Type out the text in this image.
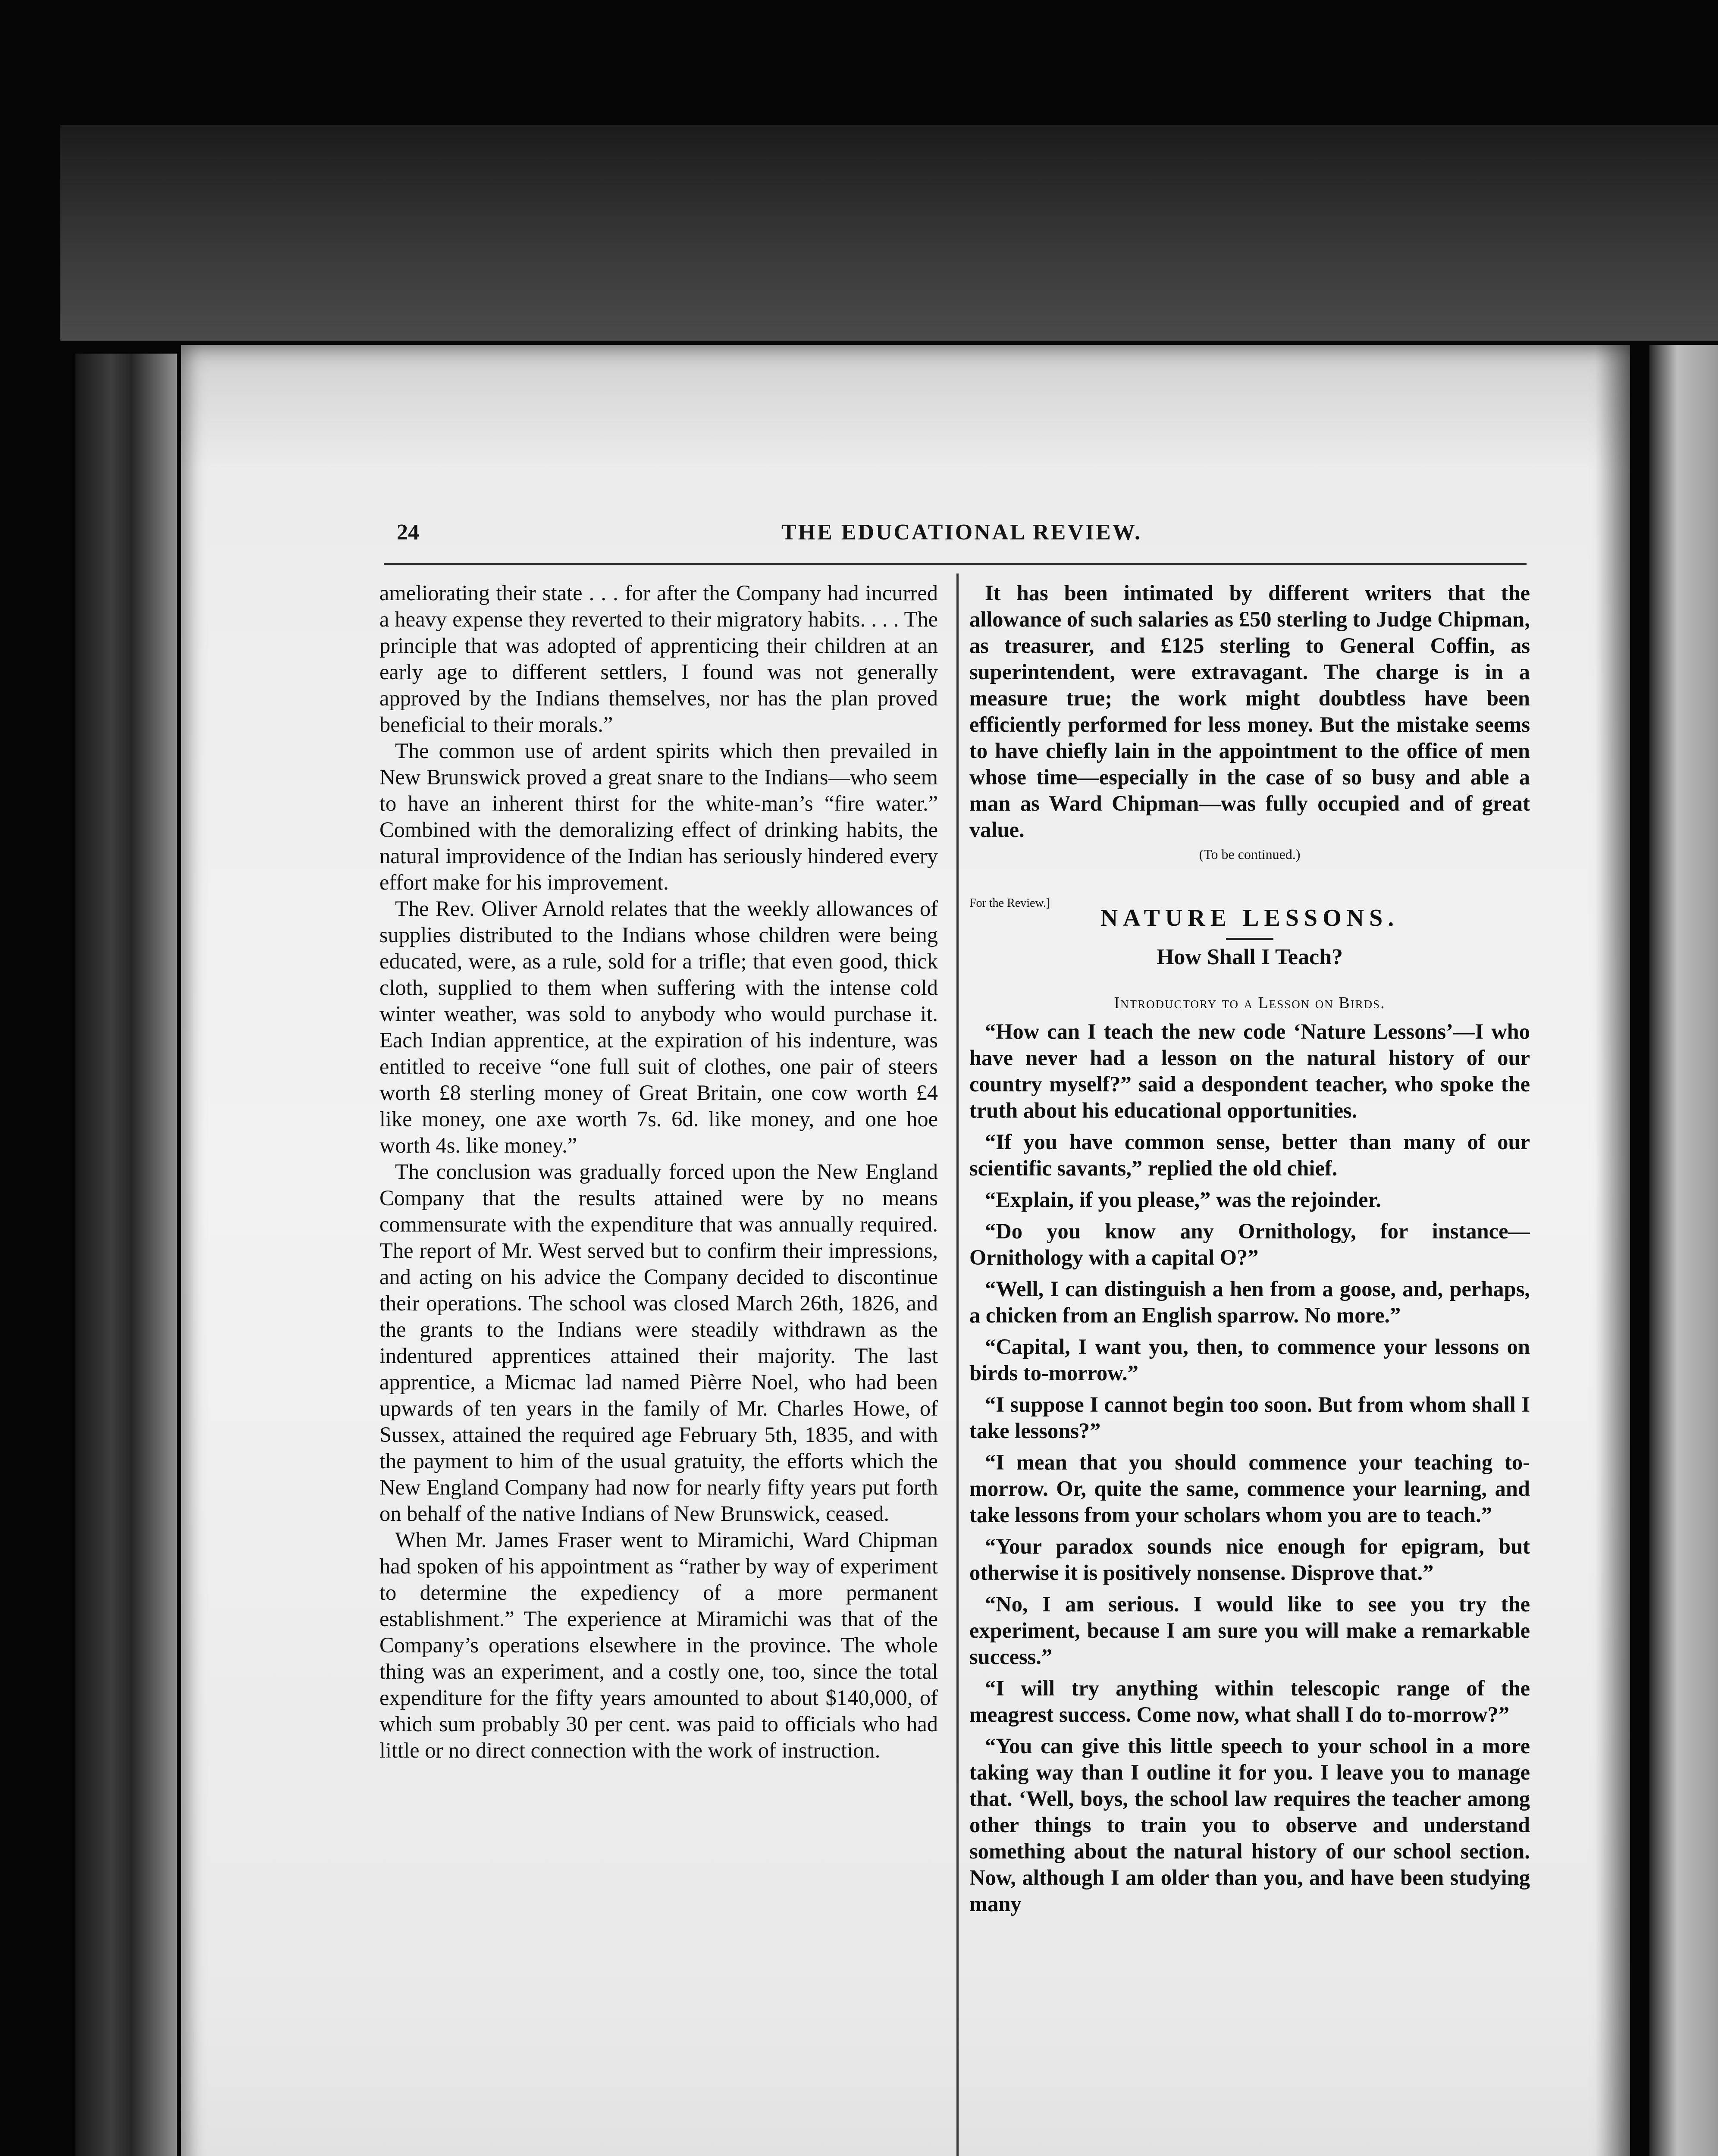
24	THE EDUCATIONAL REVIEW.

ameliorating their state . . . for after the Company had incurred a heavy expense they reverted to their migratory habits. . . . The principle that was adopted of apprenticing their children at an early age to different settlers, I found was not generally approved by the Indians themselves, nor has the plan proved beneficial to their morals.”

The common use of ardent spirits which then prevailed in New Brunswick proved a great snare to the Indians—who seem to have an inherent thirst for the white-man’s “fire water.” Combined with the demoralizing effect of drinking habits, the natural improvidence of the Indian has seriously hindered every effort make for his improvement.

The Rev. Oliver Arnold relates that the weekly allowances of supplies distributed to the Indians whose children were being educated, were, as a rule, sold for a trifle; that even good, thick cloth, supplied to them when suffering with the intense cold winter weather, was sold to anybody who would purchase it. Each Indian apprentice, at the expiration of his indenture, was entitled to receive “one full suit of clothes, one pair of steers worth £8 sterling money of Great Britain, one cow worth £4 like money, one axe worth 7s. 6d. like money, and one hoe worth 4s. like money.”

The conclusion was gradually forced upon the New England Company that the results attained were by no means commensurate with the expenditure that was annually required. The report of Mr. West served but to confirm their impressions, and acting on his advice the Company decided to discontinue their operations. The school was closed March 26th, 1826, and the grants to the Indians were steadily withdrawn as the indentured apprentices attained their majority. The last apprentice, a Micmac lad named Pièrre Noel, who had been upwards of ten years in the family of Mr. Charles Howe, of Sussex, attained the required age February 5th, 1835, and with the payment to him of the usual gratuity, the efforts which the New England Company had now for nearly fifty years put forth on behalf of the native Indians of New Brunswick, ceased.

When Mr. James Fraser went to Miramichi, Ward Chipman had spoken of his appointment as “rather by way of experiment to determine the expediency of a more permanent establishment.” The experience at Miramichi was that of the Company’s operations elsewhere in the province. The whole thing was an experiment, and a costly one, too, since the total expenditure for the fifty years amounted to about $140,000, of which sum probably 30 per cent. was paid to officials who had little or no direct connection with the work of instruction.

It has been intimated by different writers that the allowance of such salaries as £50 sterling to Judge Chipman, as treasurer, and £125 sterling to General Coffin, as superintendent, were extravagant. The charge is in a measure true; the work might doubtless have been efficiently performed for less money. But the mistake seems to have chiefly lain in the appointment to the office of men whose time—especially in the case of so busy and able a man as Ward Chipman—was fully occupied and of great value.

(To be continued.)

For the Review.]

NATURE LESSONS.
How Shall I Teach?

Introductory to a Lesson on Birds.

“How can I teach the new code ‘Nature Lessons’—I who have never had a lesson on the natural history of our country myself?” said a despondent teacher, who spoke the truth about his educational opportunities.

“If you have common sense, better than many of our scientific savants,” replied the old chief.

“Explain, if you please,” was the rejoinder.

“Do you know any Ornithology, for instance—Ornithology with a capital O?”

“Well, I can distinguish a hen from a goose, and, perhaps, a chicken from an English sparrow. No more.”

“Capital, I want you, then, to commence your lessons on birds to-morrow.”

“I suppose I cannot begin too soon. But from whom shall I take lessons?”

“I mean that you should commence your teaching to-morrow. Or, quite the same, commence your learning, and take lessons from your scholars whom you are to teach.”

“Your paradox sounds nice enough for epigram, but otherwise it is positively nonsense. Disprove that.”

“No, I am serious. I would like to see you try the experiment, because I am sure you will make a remarkable success.”

“I will try anything within telescopic range of the meagrest success. Come now, what shall I do to-morrow?”

“You can give this little speech to your school in a more taking way than I outline it for you. I leave you to manage that. ‘Well, boys, the school law requires the teacher among other things to train you to observe and understand something about the natural history of our school section. Now, although I am older than you, and have been studying many
